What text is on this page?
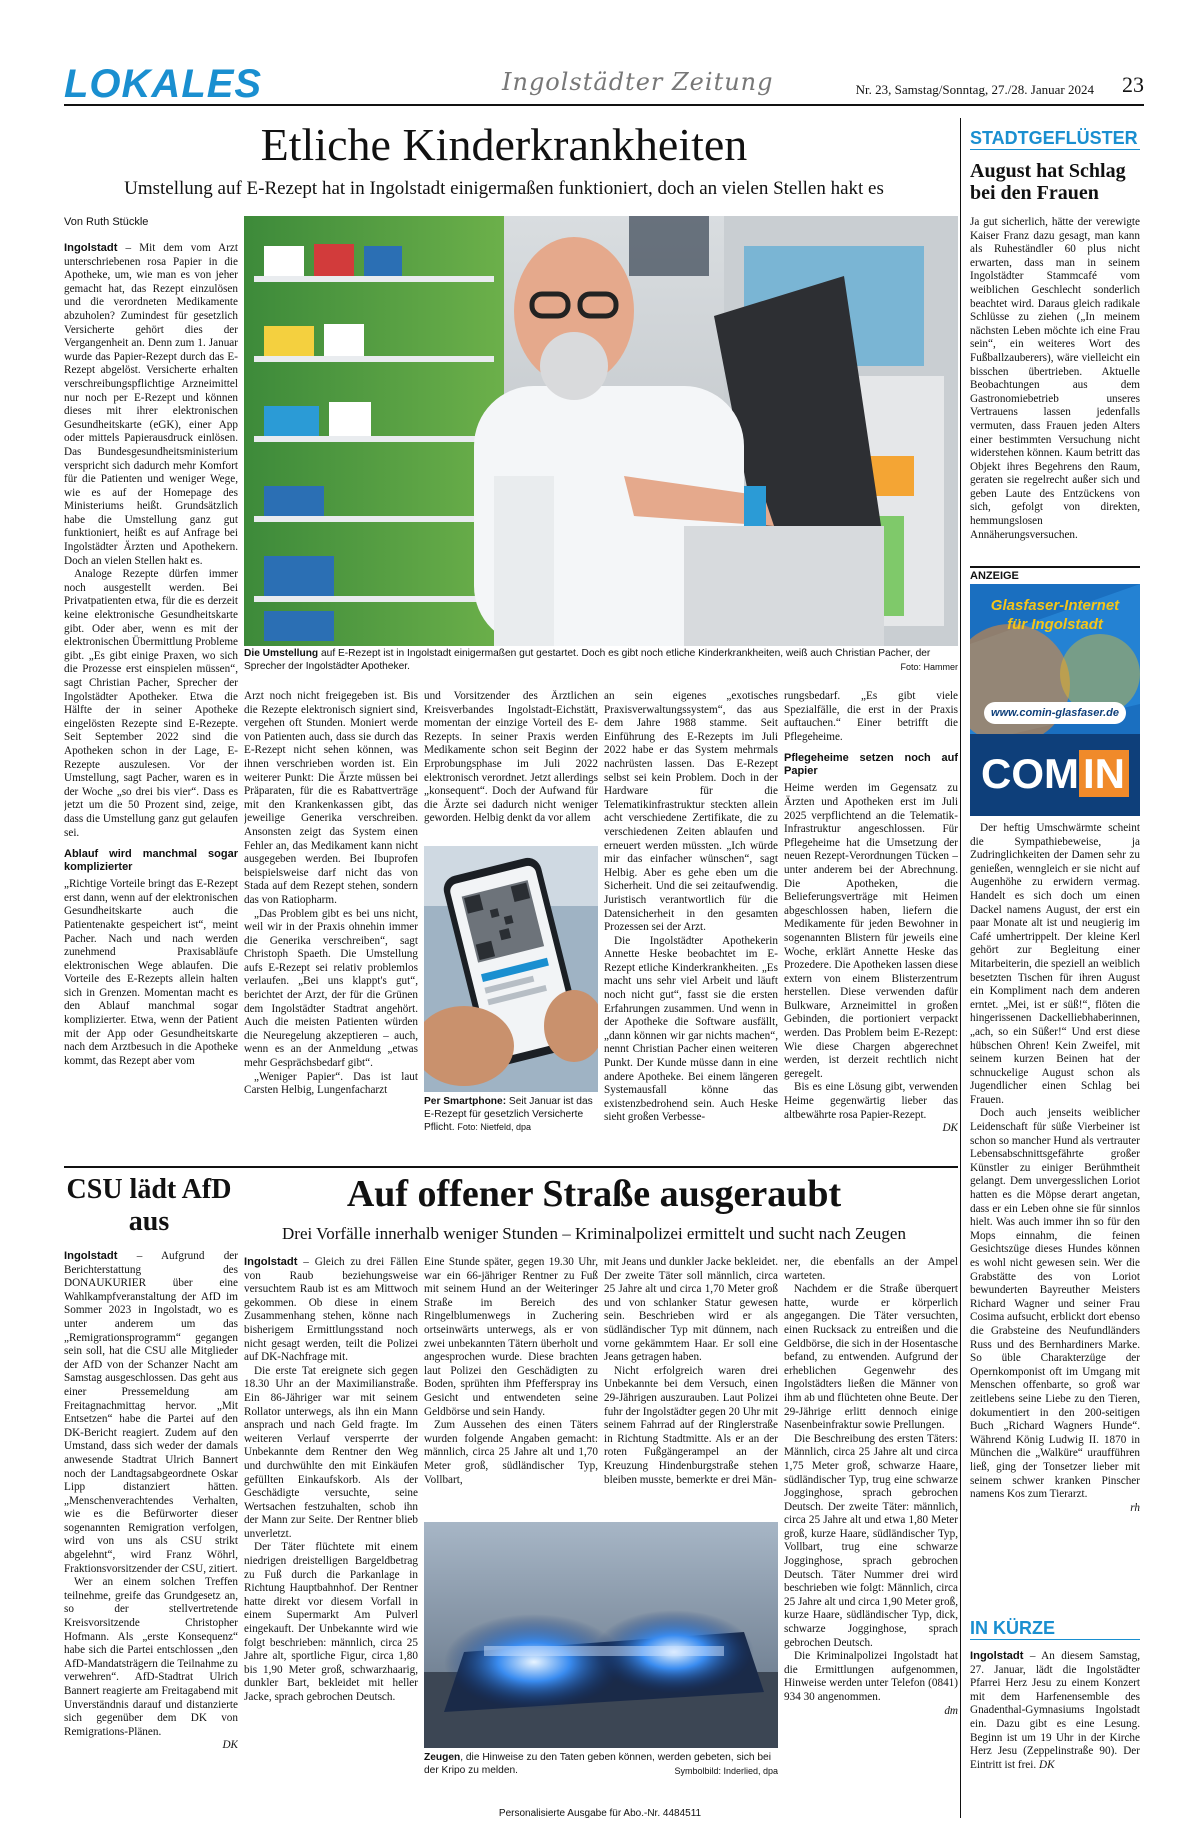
LOKALES	Ingolstädter Zeitung	Nr. 23, Samstag/Sonntag, 27./28. Januar 2024 23
Etliche Kinderkrankheiten
Umstellung auf E-Rezept hat in Ingolstadt einigermaßen funktioniert, doch an vielen Stellen hakt es
Von Ruth Stückle

Ingolstadt – Mit dem vom Arzt unterschriebenen rosa Papier in die Apotheke, um, wie man es von jeher gemacht hat, das Rezept einzulösen und die verordneten Medikamente abzuholen? Zumindest für gesetzlich Versicherte gehört dies der Vergangenheit an. Denn zum 1. Januar wurde das Papier-Rezept durch das E-Rezept abgelöst. Versicherte erhalten verschreibungspflichtige Arzneimittel nur noch per E-Rezept und können dieses mit ihrer elektronischen Gesundheitskarte (eGK), einer App oder mittels Papierausdruck einlösen. Das Bundesgesundheitsministerium verspricht sich dadurch mehr Komfort für die Patienten und weniger Wege, wie es auf der Homepage des Ministeriums heißt. Grundsätzlich habe die Umstellung ganz gut funktioniert, heißt es auf Anfrage bei Ingolstädter Ärzten und Apothekern. Doch an vielen Stellen hakt es.

Analoge Rezepte dürfen immer noch ausgestellt werden. Bei Privatpatienten etwa, für die es derzeit keine elektronische Gesundheitskarte gibt. Oder aber, wenn es mit der elektronischen Übermittlung Probleme gibt. „Es gibt einige Praxen, wo sich die Prozesse erst einspielen müssen“, sagt Christian Pacher, Sprecher der Ingolstädter Apotheker. Etwa die Hälfte der in seiner Apotheke eingelösten Rezepte sind E-Rezepte. Seit September 2022 sind die Apotheken schon in der Lage, E-Rezepte auszulesen. Vor der Umstellung, sagt Pacher, waren es in der Woche „so drei bis vier“. Dass es jetzt um die 50 Prozent sind, zeige, dass die Umstellung ganz gut gelaufen sei.

Ablauf wird manchmal sogar komplizierter

„Richtige Vorteile bringt das E-Rezept erst dann, wenn auf der elektronischen Gesundheitskarte auch die Patientenakte gespeichert ist“, meint Pacher. Nach und nach werden zunehmend Praxisabläufe elektronischen Wege ablaufen. Die Vorteile des E-Rezepts allein halten sich in Grenzen. Momentan macht es den Ablauf manchmal sogar komplizierter. Etwa, wenn der Patient mit der App oder Gesundheitskarte nach dem Arztbesuch in die Apotheke kommt, das Rezept aber vom

Die Umstellung auf E-Rezept ist in Ingolstadt einigermaßen gut gestartet. Doch es gibt noch etliche Kinderkrankheiten, weiß auch Christian Pacher, der Sprecher der Ingolstädter Apotheker.	Foto: Hammer

Arzt noch nicht freigegeben ist. Bis die Rezepte elektronisch signiert sind, vergehen oft Stunden. Moniert werde von Patienten auch, dass sie durch das E-Rezept nicht sehen können, was ihnen verschrieben worden ist. Ein weiterer Punkt: Die Ärzte müssen bei Präparaten, für die es Rabattverträge mit den Krankenkassen gibt, das jeweilige Generika verschreiben. Ansonsten zeigt das System einen Fehler an, das Medikament kann nicht ausgegeben werden. Bei Ibuprofen beispielsweise darf nicht das von Stada auf dem Rezept stehen, sondern das von Ratiopharm.

„Das Problem gibt es bei uns nicht, weil wir in der Praxis ohnehin immer die Generika verschreiben“, sagt Christoph Spaeth. Die Umstellung aufs E-Rezept sei relativ problemlos verlaufen. „Bei uns klappt's gut“, berichtet der Arzt, der für die Grünen dem Ingolstädter Stadtrat angehört. Auch die meisten Patienten würden die Neuregelung akzeptieren – auch, wenn es an der Anmeldung „etwas mehr Gesprächsbedarf gibt“.

„Weniger Papier“. Das ist laut Carsten Helbig, Lungenfacharzt

und Vorsitzender des Ärztlichen Kreisverbandes Ingolstadt-Eichstätt, momentan der einzige Vorteil des E-Rezepts. In seiner Praxis werden Medikamente schon seit Beginn der Erprobungsphase im Juli 2022 elektronisch verordnet. Jetzt allerdings „konsequent“. Doch der Aufwand für die Ärzte sei dadurch nicht weniger geworden. Helbig denkt da vor allem

Per Smartphone: Seit Januar ist das E-Rezept für gesetzlich Versicherte Pflicht. Foto: Nietfeld, dpa

an sein eigenes „exotisches Praxisverwaltungssystem“, das aus dem Jahre 1988 stamme. Seit Einführung des E-Rezepts im Juli 2022 habe er das System mehrmals nachrüsten lassen. Das E-Rezept selbst sei kein Problem. Doch in der Hardware für die Telematikinfrastruktur steckten allein acht verschiedene Zertifikate, die zu verschiedenen Zeiten ablaufen und erneuert werden müssten. „Ich würde mir das einfacher wünschen“, sagt Helbig. Aber es gehe eben um die Sicherheit. Und die sei zeitaufwendig. Juristisch verantwortlich für die Datensicherheit in den gesamten Prozessen sei der Arzt.

Die Ingolstädter Apothekerin Annette Heske beobachtet im E-Rezept etliche Kinderkrankheiten. „Es macht uns sehr viel Arbeit und läuft noch nicht gut“, fasst sie die ersten Erfahrungen zusammen. Und wenn in der Apotheke die Software ausfällt, „dann können wir gar nichts machen“, nennt Christian Pacher einen weiteren Punkt. Der Kunde müsse dann in eine andere Apotheke. Bei einem längeren Systemausfall könne das existenzbedrohend sein. Auch Heske sieht großen Verbesse-

rungsbedarf. „Es gibt viele Spezialfälle, die erst in der Praxis auftauchen.“ Einer betrifft die Pflegeheime.

Pflegeheime setzen noch auf Papier

Heime werden im Gegensatz zu Ärzten und Apotheken erst im Juli 2025 verpflichtend an die Telematik-Infrastruktur angeschlossen. Für Pflegeheime hat die Umsetzung der neuen Rezept-Verordnungen Tücken – unter anderem bei der Abrechnung. Die Apotheken, die Belieferungsverträge mit Heimen abgeschlossen haben, liefern die Medikamente für jeden Bewohner in sogenannten Blistern für jeweils eine Woche, erklärt Annette Heske das Prozedere. Die Apotheken lassen diese extern von einem Blisterzentrum herstellen. Diese verwenden dafür Bulkware, Arzneimittel in großen Gebinden, die portioniert verpackt werden. Das Problem beim E-Rezept: Wie diese Chargen abgerechnet werden, ist derzeit rechtlich nicht geregelt.

Bis es eine Lösung gibt, verwenden Heime gegenwärtig lieber das altbewährte rosa Papier-Rezept.

DK
STADTGEFLÜSTER
August hat Schlag bei den Frauen

Ja gut sicherlich, hätte der verewigte Kaiser Franz dazu gesagt, man kann als Ruheständler 60 plus nicht erwarten, dass man in seinem Ingolstädter Stammcafé vom weiblichen Geschlecht sonderlich beachtet wird. Daraus gleich radikale Schlüsse zu ziehen („In meinem nächsten Leben möchte ich eine Frau sein“, ein weiteres Wort des Fußballzauberers), wäre vielleicht ein bisschen übertrieben. Aktuelle Beobachtungen aus dem Gastronomiebetrieb unseres Vertrauens lassen jedenfalls vermuten, dass Frauen jeden Alters einer bestimmten Versuchung nicht widerstehen können. Kaum betritt das Objekt ihres Begehrens den Raum, geraten sie regelrecht außer sich und geben Laute des Entzückens von sich, gefolgt von direkten, hemmungslosen Annäherungsversuchen.

ANZEIGE
Glasfaser-Internet
für Ingolstadt
www.comin-glasfaser.de
COMIN

Der heftig Umschwärmte scheint die Sympathiebeweise, ja Zudringlichkeiten der Damen sehr zu genießen, wenngleich er sie nicht auf Augenhöhe zu erwidern vermag. Handelt es sich doch um einen Dackel namens August, der erst ein paar Monate alt ist und neugierig im Café umhertrippelt. Der kleine Kerl gehört zur Begleitung einer Mitarbeiterin, die speziell an weiblich besetzten Tischen für ihren August ein Kompliment nach dem anderen erntet. „Mei, ist er süß!“, flöten die hingerissenen Dackelliebhaberinnen, „ach, so ein Süßer!“ Und erst diese hübschen Ohren! Kein Zweifel, mit seinem kurzen Beinen hat der schnuckelige August schon als Jugendlicher einen Schlag bei Frauen.

Doch auch jenseits weiblicher Leidenschaft für süße Vierbeiner ist schon so mancher Hund als vertrauter Lebensabschnittsgefährte großer Künstler zu einiger Berühmtheit gelangt. Dem unvergesslichen Loriot hatten es die Möpse derart angetan, dass er ein Leben ohne sie für sinnlos hielt. Was auch immer ihn so für den Mops einnahm, die feinen Gesichtszüge dieses Hundes können es wohl nicht gewesen sein. Wer die Grabstätte des von Loriot bewunderten Bayreuther Meisters Richard Wagner und seiner Frau Cosima aufsucht, erblickt dort ebenso die Grabsteine des Neufundländers Russ und des Bernhardiners Marke. So üble Charakterzüge der Opernkomponist oft im Umgang mit Menschen offenbarte, so groß war zeitlebens seine Liebe zu den Tieren, dokumentiert in den 200-seitigen Buch „Richard Wagners Hunde“. Während König Ludwig II. 1870 in München die „Walküre“ uraufführen ließ, ging der Tonsetzer lieber mit seinem schwer kranken Pinscher namens Kos zum Tierarzt.

rh
IN KÜRZE

Ingolstadt – An diesem Samstag, 27. Januar, lädt die Ingolstädter Pfarrei Herz Jesu zu einem Konzert mit dem Harfenensemble des Gnadenthal-Gymnasiums Ingolstadt ein. Dazu gibt es eine Lesung. Beginn ist um 19 Uhr in der Kirche Herz Jesu (Zeppelinstraße 90). Der Eintritt ist frei. DK

CSU lädt AfD aus

Ingolstadt – Aufgrund der Berichterstattung des DONAUKURIER über eine Wahlkampfveranstaltung der AfD im Sommer 2023 in Ingolstadt, wo es unter anderem um das „Remigrationsprogramm“ gegangen sein soll, hat die CSU alle Mitglieder der AfD von der Schanzer Nacht am Samstag ausgeschlossen. Das geht aus einer Pressemeldung am Freitagnachmittag hervor. „Mit Entsetzen“ habe die Partei auf den DK-Bericht reagiert. Zudem auf den Umstand, dass sich weder der damals anwesende Stadtrat Ulrich Bannert noch der Landtagsabgeordnete Oskar Lipp distanziert hätten. „Menschenverachtendes Verhalten, wie es die Befürworter dieser sogenannten Remigration verfolgen, wird von uns als CSU strikt abgelehnt“, wird Franz Wöhrl, Fraktionsvorsitzender der CSU, zitiert.

Wer an einem solchen Treffen teilnehme, greife das Grundgesetz an, so der stellvertretende Kreisvorsitzende Christopher Hofmann. Als „erste Konsequenz“ habe sich die Partei entschlossen „den AfD-Mandatsträgern die Teilnahme zu verwehren“. AfD-Stadtrat Ulrich Bannert reagierte am Freitagabend mit Unverständnis darauf und distanzierte sich gegenüber dem DK von Remigrations-Plänen.

DK
Auf offener Straße ausgeraubt
Drei Vorfälle innerhalb weniger Stunden – Kriminalpolizei ermittelt und sucht nach Zeugen

Ingolstadt – Gleich zu drei Fällen von Raub beziehungsweise versuchtem Raub ist es am Mittwoch gekommen. Ob diese in einem Zusammenhang stehen, könne nach bisherigem Ermittlungsstand noch nicht gesagt werden, teilt die Polizei auf DK-Nachfrage mit.

Die erste Tat ereignete sich gegen 18.30 Uhr an der Maximilianstraße. Ein 86-Jähriger war mit seinem Rollator unterwegs, als ihn ein Mann ansprach und nach Geld fragte. Im weiteren Verlauf versperrte der Unbekannte dem Rentner den Weg und durchwühlte den mit Einkäufen gefüllten Einkaufskorb. Als der Geschädigte versuchte, seine Wertsachen festzuhalten, schob ihn der Mann zur Seite. Der Rentner blieb unverletzt.

Der Täter flüchtete mit einem niedrigen dreistelligen Bargeldbetrag zu Fuß durch die Parkanlage in Richtung Hauptbahnhof. Der Rentner hatte direkt vor diesem Vorfall in einem Supermarkt Am Pulverl eingekauft. Der Unbekannte wird wie folgt beschrieben: männlich, circa 25 Jahre alt, sportliche Figur, circa 1,80 bis 1,90 Meter groß, schwarzhaarig, dunkler Bart, bekleidet mit heller Jacke, sprach gebrochen Deutsch.

Eine Stunde später, gegen 19.30 Uhr, war ein 66-jähriger Rentner zu Fuß mit seinem Hund an der Weiteringer Straße im Bereich des Ringelblumenwegs in Zuchering ortseinwärts unterwegs, als er von zwei unbekannten Tätern überholt und angesprochen wurde. Diese brachten laut Polizei den Geschädigten zu Boden, sprühten ihm Pfefferspray ins Gesicht und entwendeten seine Geldbörse und sein Handy.

Zum Aussehen des einen Täters wurden folgende Angaben gemacht: männlich, circa 25 Jahre alt und 1,70 Meter groß, südländischer Typ, Vollbart,

mit Jeans und dunkler Jacke bekleidet. Der zweite Täter soll männlich, circa 25 Jahre alt und circa 1,70 Meter groß und von schlanker Statur gewesen sein. Beschrieben wird er als südländischer Typ mit dünnem, nach vorne gekämmtem Haar. Er soll eine Jeans getragen haben.

Nicht erfolgreich waren drei Unbekannte bei dem Versuch, einen 29-Jährigen auszurauben. Laut Polizei fuhr der Ingolstädter gegen 20 Uhr mit seinem Fahrrad auf der Ringlerstraße in Richtung Stadtmitte. Als er an der roten Fußgängerampel an der Kreuzung Hindenburgstraße stehen bleiben musste, bemerkte er drei Män-

Zeugen, die Hinweise zu den Taten geben können, werden gebeten, sich bei der Kripo zu melden.	Symbolbild: Inderlied, dpa

ner, die ebenfalls an der Ampel warteten.

Nachdem er die Straße überquert hatte, wurde er körperlich angegangen. Die Täter versuchten, einen Rucksack zu entreißen und die Geldbörse, die sich in der Hosentasche befand, zu entwenden. Aufgrund der erheblichen Gegenwehr des Ingolstädters ließen die Männer von ihm ab und flüchteten ohne Beute. Der 29-Jährige erlitt dennoch einige Nasenbeinfraktur sowie Prellungen.

Die Beschreibung des ersten Täters: Männlich, circa 25 Jahre alt und circa 1,75 Meter groß, schwarze Haare, südländischer Typ, trug eine schwarze Jogginghose, sprach gebrochen Deutsch. Der zweite Täter: männlich, circa 25 Jahre alt und etwa 1,80 Meter groß, kurze Haare, südländischer Typ, Vollbart, trug eine schwarze Jogginghose, sprach gebrochen Deutsch. Täter Nummer drei wird beschrieben wie folgt: Männlich, circa 25 Jahre alt und circa 1,90 Meter groß, kurze Haare, südländischer Typ, dick, schwarze Jogginghose, sprach gebrochen Deutsch.

Die Kriminalpolizei Ingolstadt hat die Ermittlungen aufgenommen, Hinweise werden unter Telefon (0841) 934 30 angenommen.

dm
Personalisierte Ausgabe für Abo.-Nr. 4484511
